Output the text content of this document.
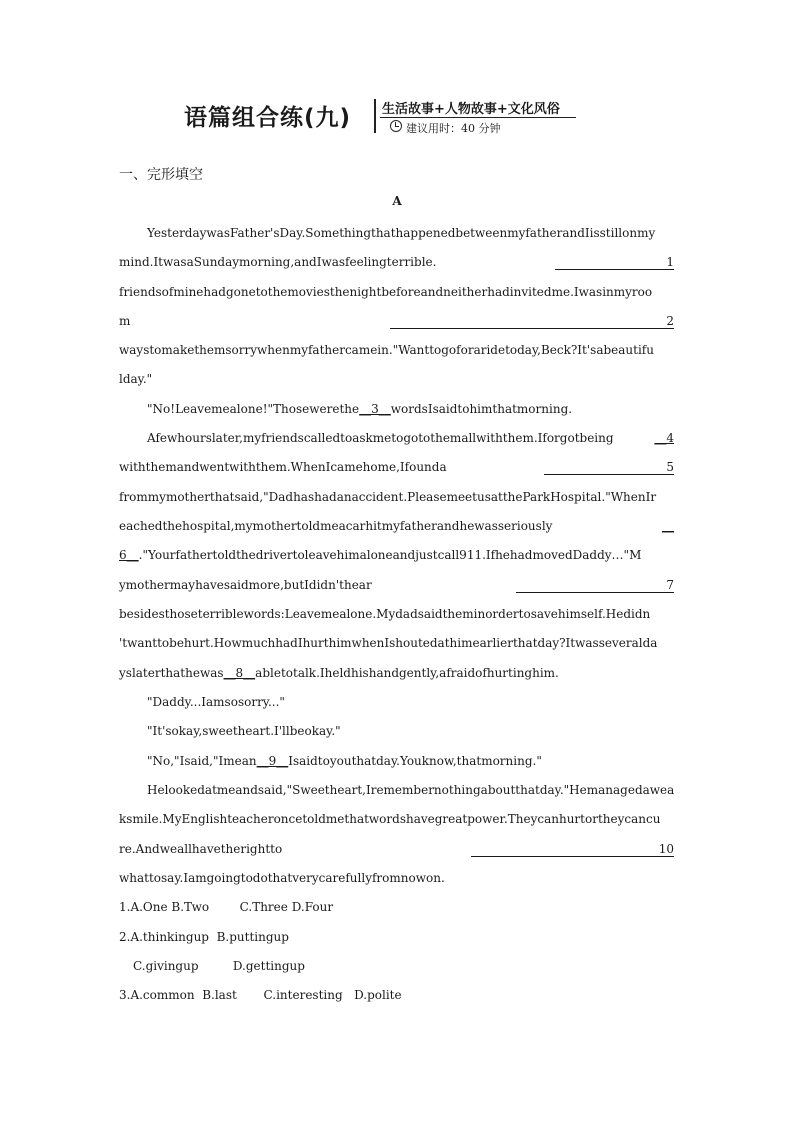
语篇组合练(九) 生活故事+人物故事+文化风俗
建议用时：40 分钟
一、完形填空
A
YesterdaywasFather'sDay.SomethingthathappenedbetweenmyfatherandIisstillonmy
mind.ItwasaSundaymorning,andIwasfeelingterrible.	1
friendsofminehadgonetothemoviesthenightbeforeandneitherhadinvitedme.Iwasinmyroo
m	2
waystomakethemsorrywhenmyfathercamein."Wanttogoforaridetoday,Beck?It'sabeautifu
lday."
"No!Leavemealone!"Thosewerethe__3__wordsIsaidtohimthatmorning.
Afewhourslater,myfriendscalledtoaskmetogotothemallwiththem.Iforgotbeing	__4
withthemandwentwiththem.WhenIcamehome,Ifounda	5
frommymotherthatsaid,"Dadhashadanaccident.PleasemeetusattheParkHospital."WhenIr
eachedthehospital,mymothertoldmeacarhitmyfatherandhewasseriously	__
6__."Yourfathertoldthedrivertoleavehimaloneandjustcall911.IfhehadmovedDaddy…"M
ymothermayhavesaidmore,butIdidn'thear	7
besidesthoseterriblewords:Leavemealone.Mydadsaidtheminordertosavehimself.Hedidn
'twanttobehurt.HowmuchhadIhurthimwhenIshoutedathimearlierthatday?Itwasseveralda
yslaterthathewas__8__abletotalk.Iheldhishandgently,afraidofhurtinghim.
"Daddy...Iamsosorry..."
"It'sokay,sweetheart.I'llbeokay."
"No,"Isaid,"Imean__9__Isaidtoyouthatday.Youknow,thatmorning."
Helookedatmeandsaid,"Sweetheart,Iremembernothingaboutthatday."Hemanagedawea
ksmile.MyEnglishteacheroncetoldmethatwordshavegreatpower.Theycanhurtortheycancu
re.Andweallhavetherightto	10
whattosay.Iamgoingtodothatverycarefullyfromnowon.
1.A.One B.Two        C.Three D.Four
2.A.thinkingup  B.puttingup
C.givingup         D.gettingup
3.A.common  B.last       C.interesting   D.polite
